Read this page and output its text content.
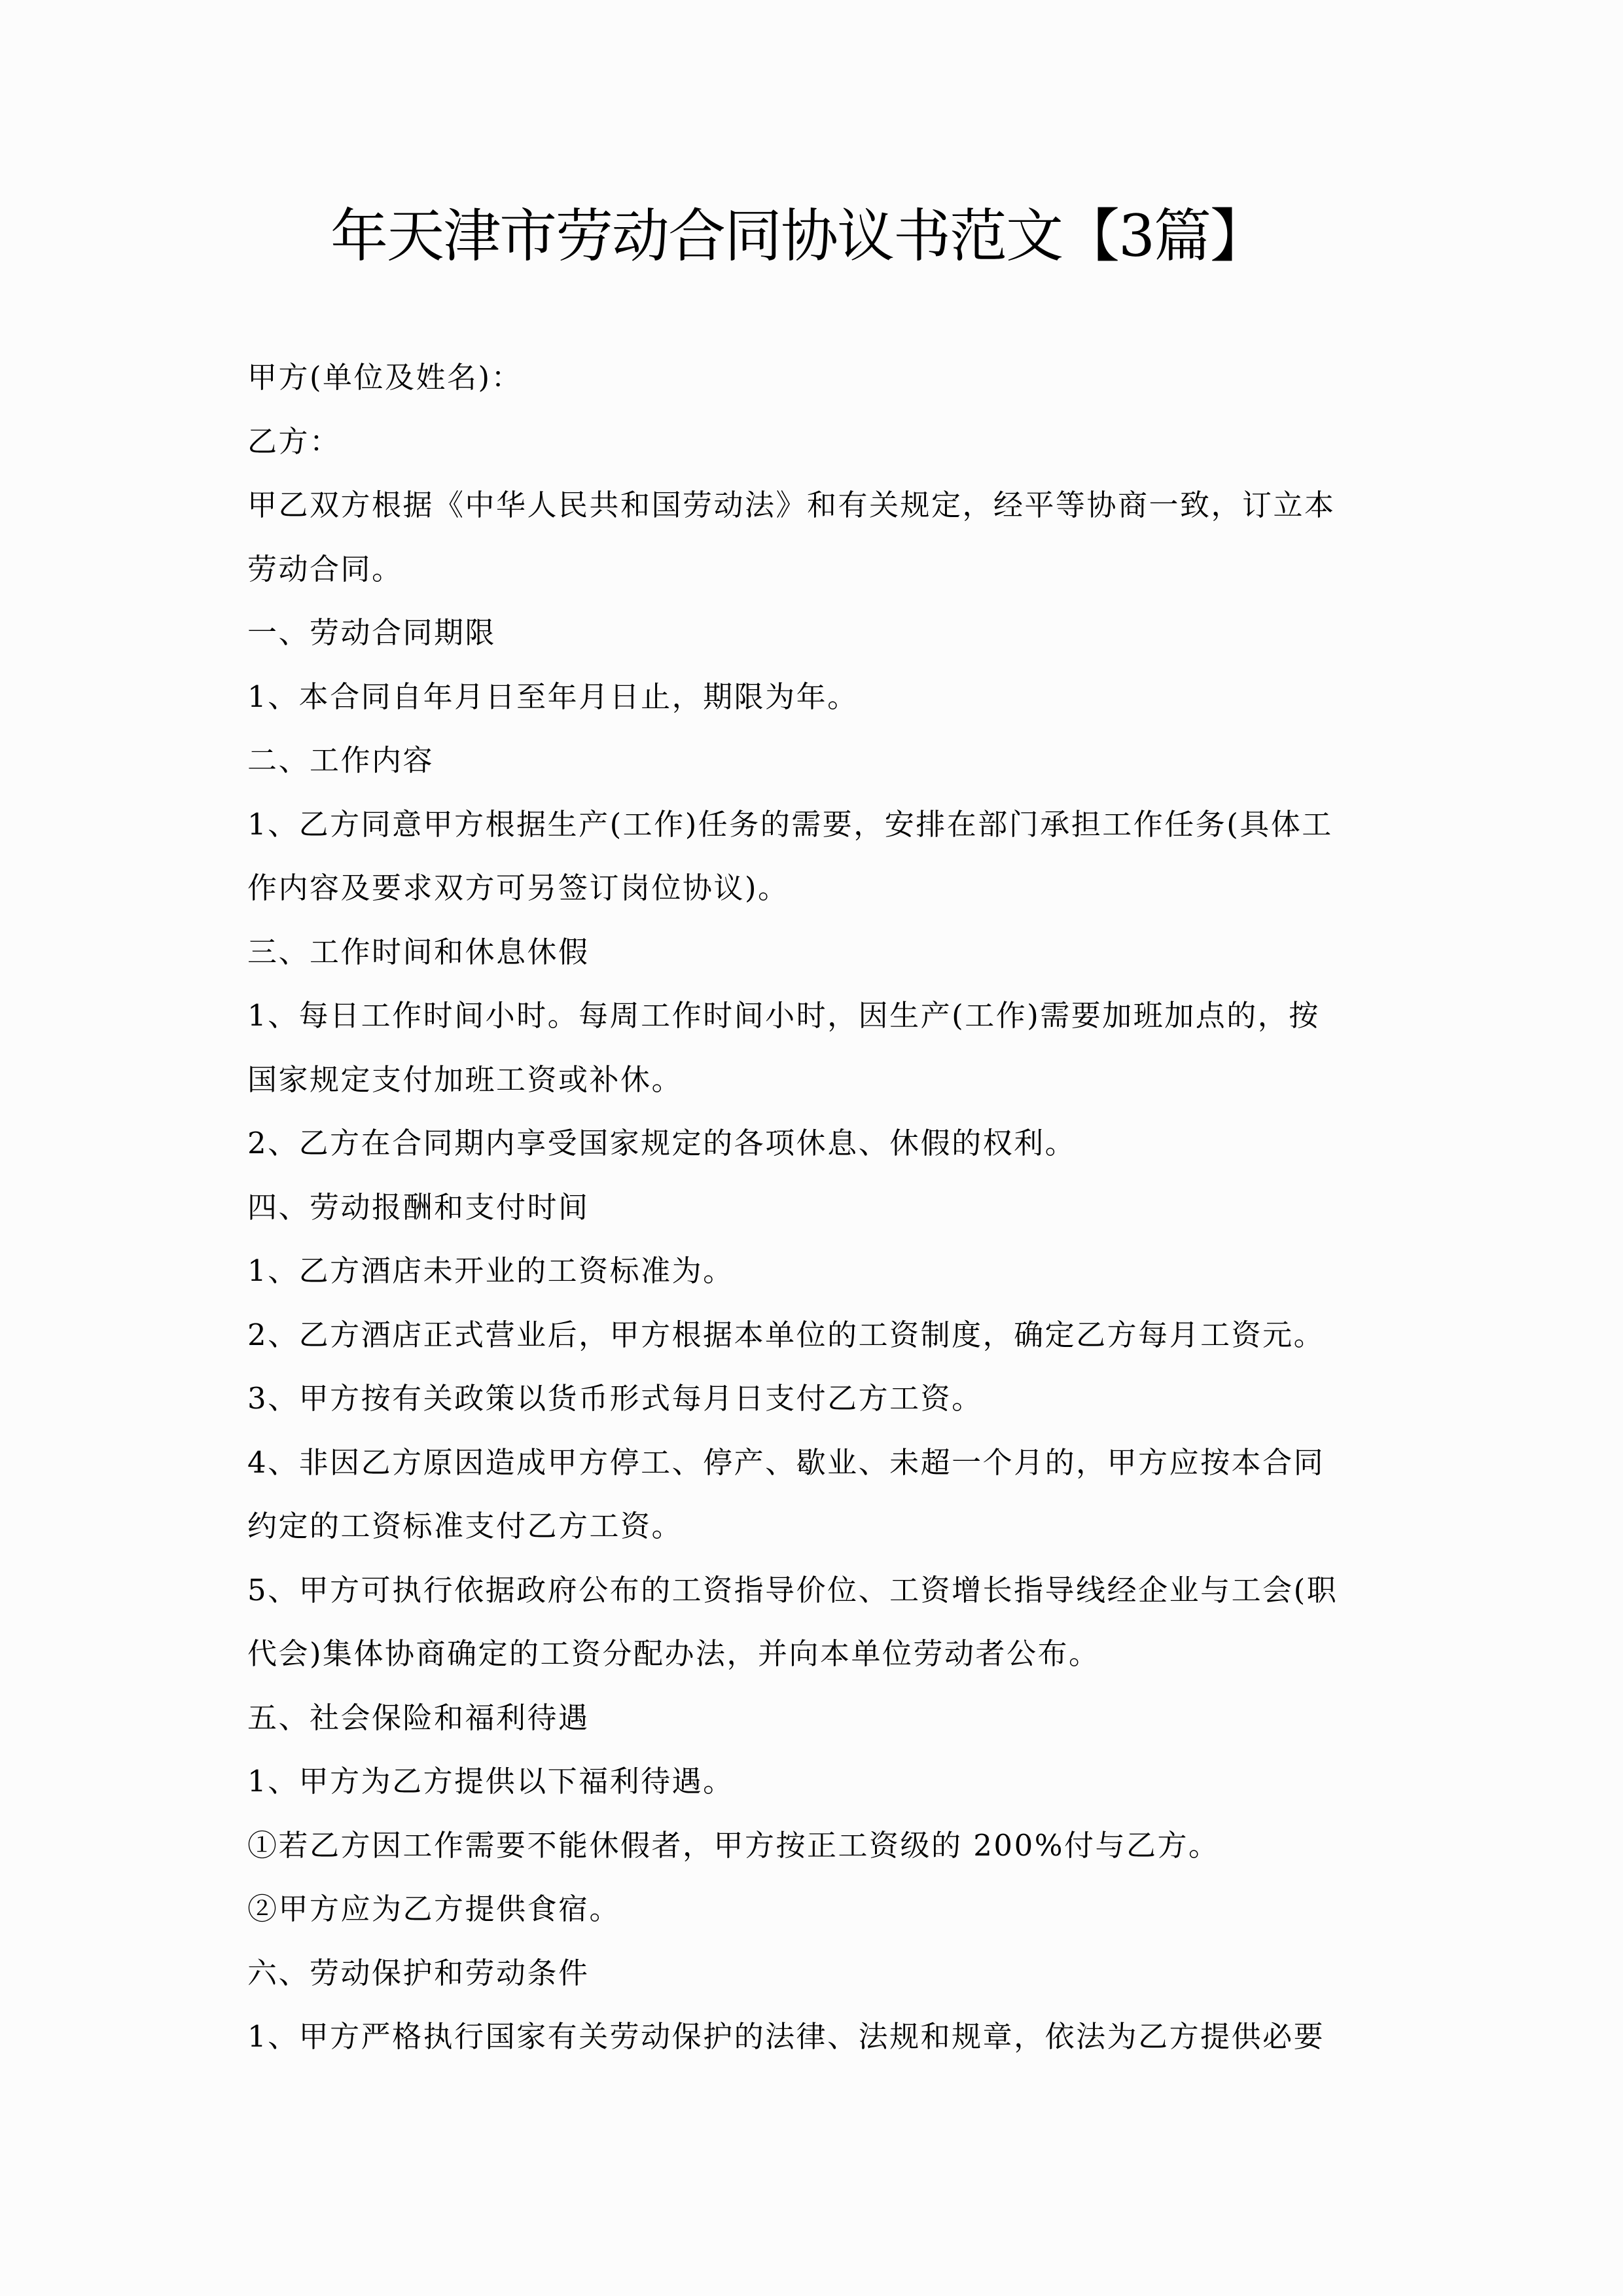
年天津市劳动合同协议书范文【3篇】

甲方(单位及姓名)：

乙方：

甲乙双方根据《中华人民共和国劳动法》和有关规定，经平等协商一致，订立本

劳动合同。

一、劳动合同期限

1、本合同自年月日至年月日止，期限为年。

二、工作内容

1、乙方同意甲方根据生产(工作)任务的需要，安排在部门承担工作任务(具体工

作内容及要求双方可另签订岗位协议)。

三、工作时间和休息休假

1、每日工作时间小时。每周工作时间小时，因生产(工作)需要加班加点的，按

国家规定支付加班工资或补休。

2、乙方在合同期内享受国家规定的各项休息、休假的权利。

四、劳动报酬和支付时间

1、乙方酒店未开业的工资标准为。

2、乙方酒店正式营业后，甲方根据本单位的工资制度，确定乙方每月工资元。

3、甲方按有关政策以货币形式每月日支付乙方工资。

4、非因乙方原因造成甲方停工、停产、歇业、未超一个月的，甲方应按本合同

约定的工资标准支付乙方工资。

5、甲方可执行依据政府公布的工资指导价位、工资增长指导线经企业与工会(职

代会)集体协商确定的工资分配办法，并向本单位劳动者公布。

五、社会保险和福利待遇

1、甲方为乙方提供以下福利待遇。

①若乙方因工作需要不能休假者，甲方按正工资级的 200%付与乙方。

②甲方应为乙方提供食宿。

六、劳动保护和劳动条件

1、甲方严格执行国家有关劳动保护的法律、法规和规章，依法为乙方提供必要
